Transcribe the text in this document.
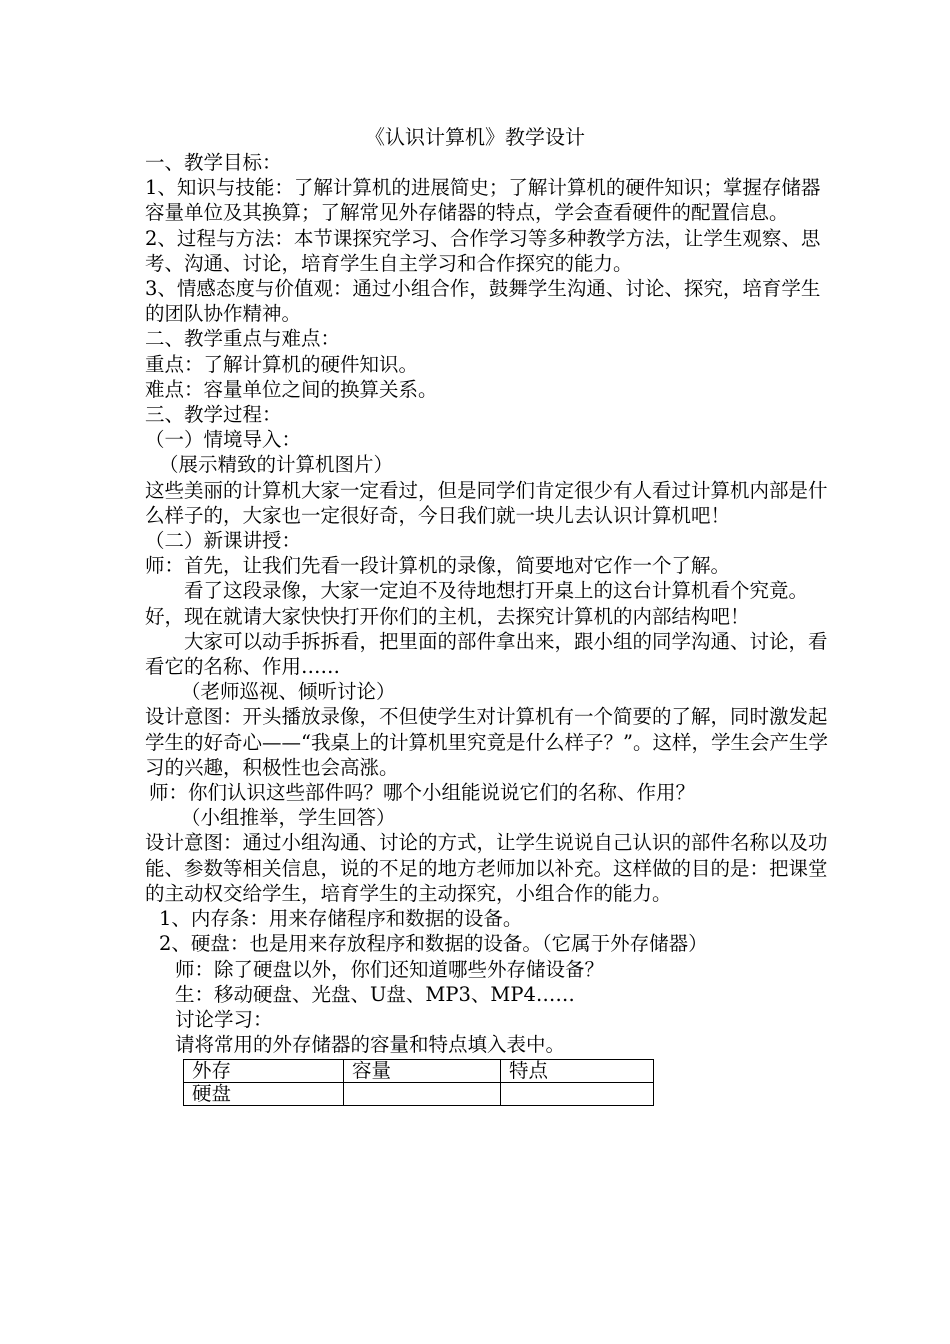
《认识计算机》教学设计

一、教学目标：

1、知识与技能：了解计算机的进展简史；了解计算机的硬件知识；掌握存储器容量单位及其换算；了解常见外存储器的特点，学会查看硬件的配置信息。

2、过程与方法：本节课探究学习、合作学习等多种教学方法，让学生观察、思考、沟通、讨论，培育学生自主学习和合作探究的能力。

3、情感态度与价值观：通过小组合作，鼓舞学生沟通、讨论、探究，培育学生的团队协作精神。

二、教学重点与难点：

重点：了解计算机的硬件知识。

难点：容量单位之间的换算关系。

三、教学过程：

（一）情境导入：

（展示精致的计算机图片）

这些美丽的计算机大家一定看过，但是同学们肯定很少有人看过计算机内部是什么样子的，大家也一定很好奇，今日我们就一块儿去认识计算机吧！

（二）新课讲授：

师：首先，让我们先看一段计算机的录像，简要地对它作一个了解。

看了这段录像，大家一定迫不及待地想打开桌上的这台计算机看个究竟。好，现在就请大家快快打开你们的主机，去探究计算机的内部结构吧！

大家可以动手拆拆看，把里面的部件拿出来，跟小组的同学沟通、讨论，看看它的名称、作用……

（老师巡视、倾听讨论）

设计意图：开头播放录像，不但使学生对计算机有一个简要的了解，同时激发起学生的好奇心——“我桌上的计算机里究竟是什么样子？”。这样，学生会产生学习的兴趣，积极性也会高涨。

师：你们认识这些部件吗？哪个小组能说说它们的名称、作用？

（小组推举，学生回答）

设计意图：通过小组沟通、讨论的方式，让学生说说自己认识的部件名称以及功能、参数等相关信息，说的不足的地方老师加以补充。这样做的目的是：把课堂的主动权交给学生，培育学生的主动探究，小组合作的能力。

1、内存条：用来存储程序和数据的设备。

2、硬盘：也是用来存放程序和数据的设备。（它属于外存储器）

师：除了硬盘以外，你们还知道哪些外存储设备？

生：移动硬盘、光盘、U盘、MP3、MP4……

讨论学习：

请将常用的外存储器的容量和特点填入表中。

外存	容量	特点
硬盘		
